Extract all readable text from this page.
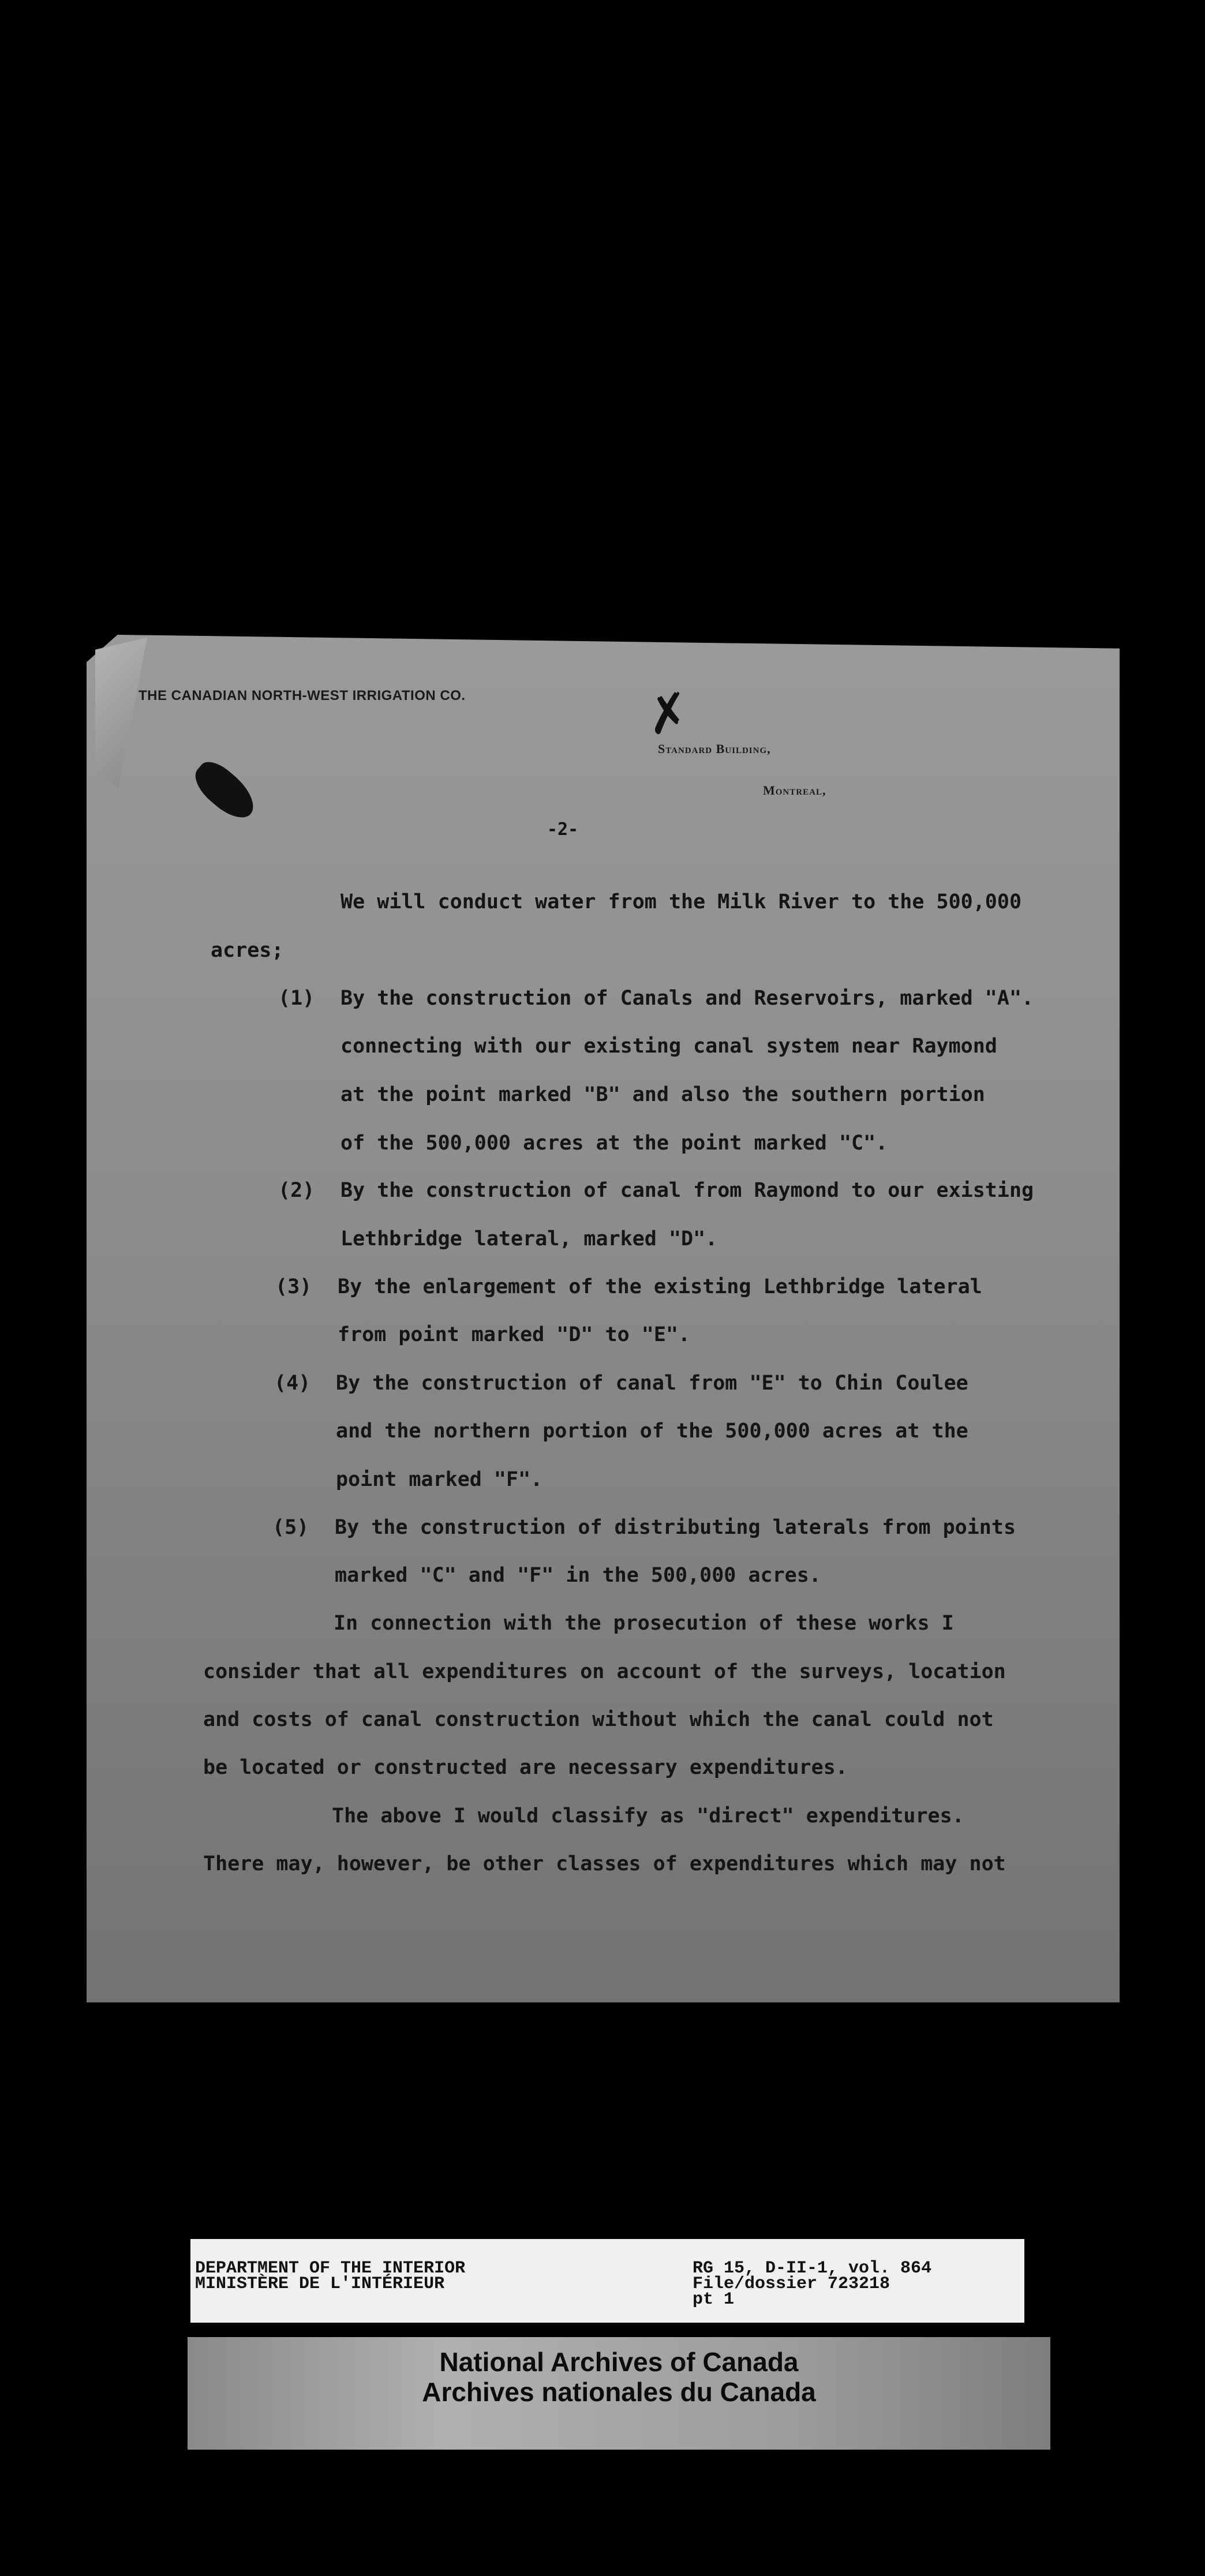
THE CANADIAN NORTH-WEST IRRIGATION CO.	✗
Standard Building,
Montreal,
-2-
We will conduct water from the Milk River to the 500,000
acres;
(1) By the construction of Canals and Reservoirs, marked "A".
connecting with our existing canal system near Raymond
at the point marked "B" and also the southern portion
of the 500,000 acres at the point marked "C".
(2) By the construction of canal from Raymond to our existing
Lethbridge lateral, marked "D".
(3) By the enlargement of the existing Lethbridge lateral
from point marked "D" to "E".
(4) By the construction of canal from "E" to Chin Coulee
and the northern portion of the 500,000 acres at the
point marked "F".
(5) By the construction of distributing laterals from points
marked "C" and "F" in the 500,000 acres.
In connection with the prosecution of these works I
consider that all expenditures on account of the surveys, location
and costs of canal construction without which the canal could not
be located or constructed are necessary expenditures.
The above I would classify as "direct" expenditures.
There may, however, be other classes of expenditures which may not
DEPARTMENT OF THE INTERIOR
MINISTÈRE DE L'INTÉRIEUR
RG 15, D-II-1, vol. 864
File/dossier 723218
pt 1
National Archives of Canada
Archives nationales du Canada
